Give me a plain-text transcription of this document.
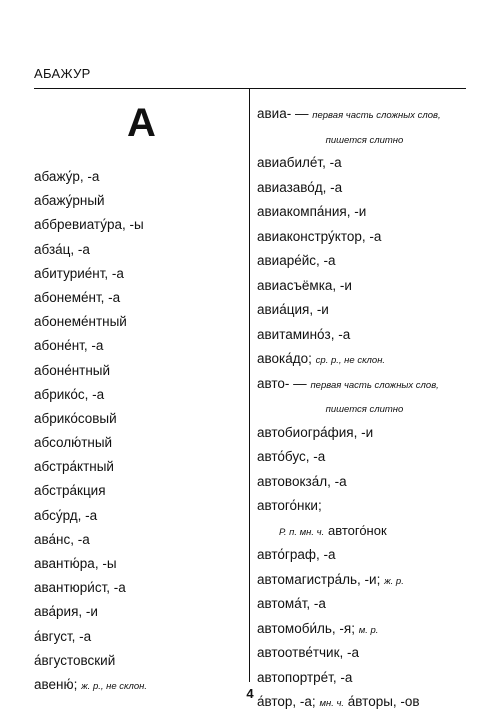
АБАЖУР
А
абажу́р, -а
абажу́рный
аббревиату́ра, -ы
абза́ц, -а
абитурие́нт, -а
абонеме́нт, -а
абонеме́нтный
абоне́нт, -а
абоне́нтный
абрико́с, -а
абрико́совый
абсолю́тный
абстра́ктный
абстра́кция
абсу́рд, -а
ава́нс, -а
авантю́ра, -ы
авантюри́ст, -а
ава́рия, -и
а́вгуст, -а
а́вгустовский
авеню́; ж. р., не склон.
авиа- — первая часть сложных слов,
пишется слитно
авиабиле́т, -а
авиазаво́д, -а
авиакомпа́ния, -и
авиаконстру́ктор, -а
авиаре́йс, -а
авиасъёмка, -и
авиа́ция, -и
авитамино́з, -а
авока́до; ср. р., не склон.
авто- — первая часть сложных слов,
пишется слитно
автобиогра́фия, -и
авто́бус, -а
автовокза́л, -а
автого́нки;
Р. п. мн. ч. автого́нок
авто́граф, -а
автомагистра́ль, -и; ж. р.
автома́т, -а
автомоби́ль, -я; м. р.
автоотве́тчик, -а
автопортре́т, -а
а́втор, -а; мн. ч. а́вторы, -ов
4
